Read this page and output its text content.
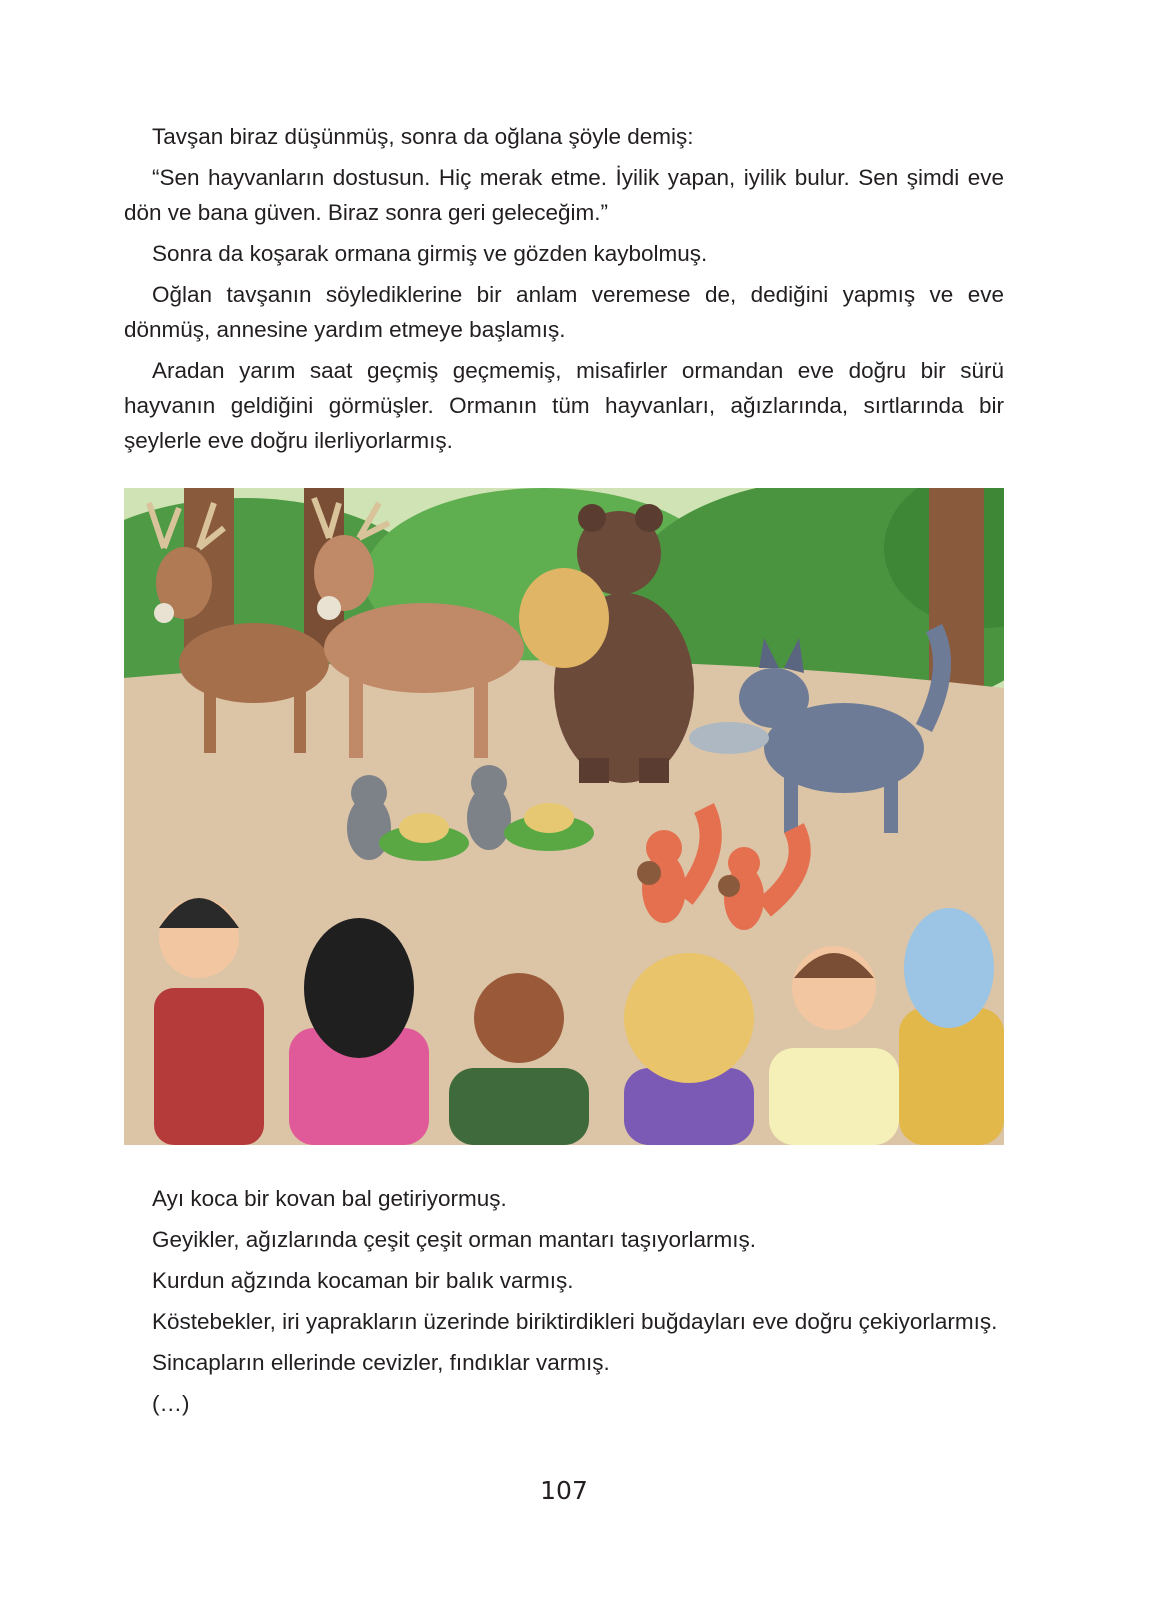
Tavşan biraz düşünmüş, sonra da oğlana şöyle demiş:

“Sen hayvanların dostusun. Hiç merak etme. İyilik yapan, iyilik bulur. Sen şimdi eve dön ve bana güven. Biraz sonra geri geleceğim.”

Sonra da koşarak ormana girmiş ve gözden kaybolmuş.

Oğlan tavşanın söylediklerine bir anlam veremese de, dediğini yapmış ve eve dönmüş, annesine yardım etmeye başlamış.

Aradan yarım saat geçmiş geçmemiş, misafirler ormandan eve doğru bir sürü hayvanın geldiğini görmüşler. Ormanın tüm hayvanları, ağızlarında, sırtlarında bir şeylerle eve doğru ilerliyorlarmış.

Ayı koca bir kovan bal getiriyormuş.

Geyikler, ağızlarında çeşit çeşit orman mantarı taşıyorlarmış.

Kurdun ağzında kocaman bir balık varmış.

Köstebekler, iri yaprakların üzerinde biriktirdikleri buğdayları eve doğru çekiyorlarmış.

Sincapların ellerinde cevizler, fındıklar varmış.

(…)

107
